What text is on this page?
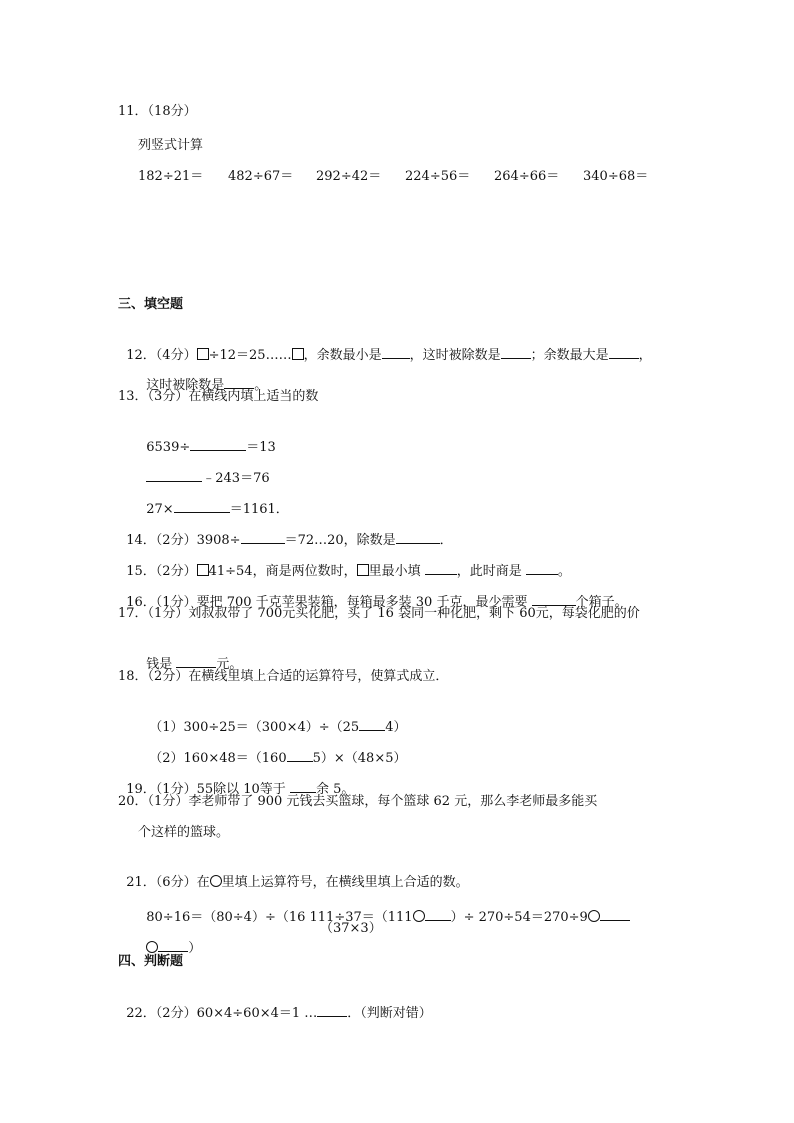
11．（18分）
列竖式计算
182÷21＝ 482÷67＝ 292÷42＝ 224÷56＝ 264÷66＝ 340÷68＝
三、填空题

12．（4分） ÷12＝25…… ，余数最小是 ，这时被除数是 ；余数最大是 ，

这时被除数是 。

13．（3分）在横线内填上适当的数

6539÷	＝13

﹣243＝76

27×	＝1161．

14．（2分）3908÷	＝72…20，除数是	．

15．（2分） 41÷54，商是两位数时， 里最小填 ，此时商是 。

16．（1分）要把 700 千克苹果装箱，每箱最多装 30 千克，最少需要	个箱子。

17．（1分）刘叔叔带了 700元买化肥，买了 16 袋同一种化肥，剩下 60元，每袋化肥的价

钱是	元。

18．（2分）在横线里填上合适的运算符号，使算式成立．

（1）300÷25＝（300×4）÷（25 4）

（2）160×48＝（160 5）×（48×5）

19．（1分）55除以 10等于 余 5。

20．（1分）李老师带了 900 元钱去买篮球，每个篮球 62 元，那么李老师最多能买
个这样的篮球。

21．（6分）在 里填上运算符号，在横线里填上合适的数。

80÷16＝（80÷4）÷（16 111÷37＝（111	）÷ 270÷54＝270÷9

）

（37×3）
四、判断题

22．（2分）60×4÷60×4＝1 … ．（判断对错）
